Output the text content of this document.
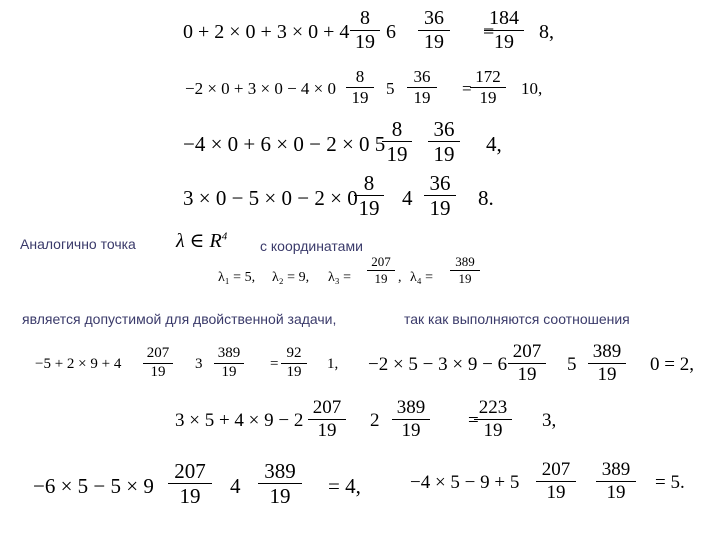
0 + 2 × 0 + 3 × 0 + 4 6	= 8,
8
19
36
19
184
19
−2 × 0 + 3 × 0 − 4 × 0	5	=	10,
8
19
36
19
172
19
−4 × 0 + 6 × 0 − 2 × 0 5	4,
8
19
36
19
3 × 0 − 5 × 0 − 2 × 0 4	8.
8
19
36
19
−5 + 2 × 9 + 4	3	=	1,
207
19
389
19
92
19	−2 × 5 − 3 × 9 − 6	5	0 = 2,
207
19
389
19
3 × 5 + 4 × 9 − 2	2	=	3,
207
19
389
19
223
19
−6 × 5 − 5 × 9	4	= 4,
207
19
389
19
−4 × 5 − 9 + 5	= 5.
207
19
389
19
Аналогично точка	с координатами
является допустимой для двойственной задачи,	так как выполняются соотношения
λ ∈ $R^4$
λ₁ = 5, λ₂ = 9, λ₃ =	, λ₄ =
207
19
389
19
